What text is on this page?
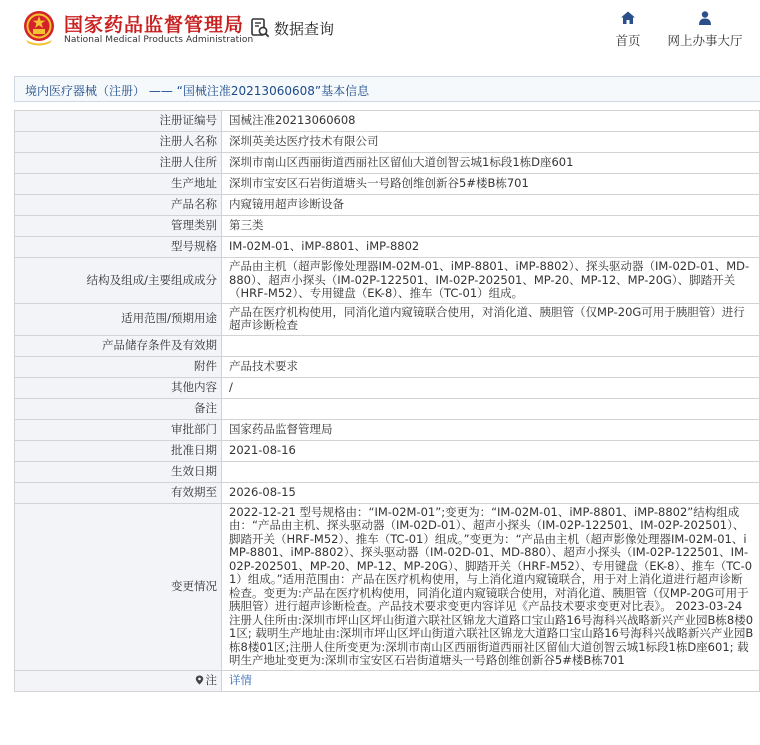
国家药品监督管理局
National Medical Products Administration
数据查询
首页	网上办事大厅
境内医疗器械（注册） —— “国械注准20213060608”基本信息
注册证编号	国械注准20213060608
注册人名称	深圳英美达医疗技术有限公司
注册人住所	深圳市南山区西丽街道西丽社区留仙大道创智云城1标段1栋D座601
生产地址	深圳市宝安区石岩街道塘头一号路创维创新谷5#楼B栋701
产品名称	内窥镜用超声诊断设备
管理类别	第三类
型号规格	IM-02M-01、iMP-8801、iMP-8802
结构及组成/主要组成成分	产品由主机（超声影像处理器IM-02M-01、iMP-8801、iMP-8802）、探头驱动器（IM-02D-01、MD-880）、超声小探头（IM-02P-122501、IM-02P-202501、MP-20、MP-12、MP-20G）、脚踏开关（HRF-M52）、专用键盘（EK-8）、推车（TC-01）组成。
适用范围/预期用途	产品在医疗机构使用，同消化道内窥镜联合使用，对消化道、胰胆管（仅MP-20G可用于胰胆管）进行超声诊断检查
产品储存条件及有效期	
附件	产品技术要求
其他内容	/
备注	
审批部门	国家药品监督管理局
批准日期	2021-08-16
生效日期	
有效期至	2026-08-15
变更情况	2022-12-21 型号规格由：“IM-02M-01”;变更为：“IM-02M-01、iMP-8801、iMP-8802”结构组成由：“产品由主机、探头驱动器（IM-02D-01）、超声小探头（IM-02P-122501、IM-02P-202501）、脚踏开关（HRF-M52）、推车（TC-01）组成。”变更为：“产品由主机（超声影像处理器IM-02M-01、iMP-8801、iMP-8802）、探头驱动器（IM-02D-01、MD-880）、超声小探头（IM-02P-122501、IM-02P-202501、MP-20、MP-12、MP-20G）、脚踏开关（HRF-M52）、专用键盘（EK-8）、推车（TC-01）组成。”适用范围由：产品在医疗机构使用，与上消化道内窥镜联合，用于对上消化道进行超声诊断检查。变更为:产品在医疗机构使用，同消化道内窥镜联合使用，对消化道、胰胆管（仅MP-20G可用于胰胆管）进行超声诊断检查。产品技术要求变更内容详见《产品技术要求变更对比表》。 2023-03-24 注册人住所由:深圳市坪山区坪山街道六联社区锦龙大道路口宝山路16号海科兴战略新兴产业园B栋8楼01区; 载明生产地址由:深圳市坪山区坪山街道六联社区锦龙大道路口宝山路16号海科兴战略新兴产业园B栋8楼01区;注册人住所变更为:深圳市南山区西丽街道西丽社区留仙大道创智云城1标段1栋D座601; 载明生产地址变更为:深圳市宝安区石岩街道塘头一号路创维创新谷5#楼B栋701
注	详情
